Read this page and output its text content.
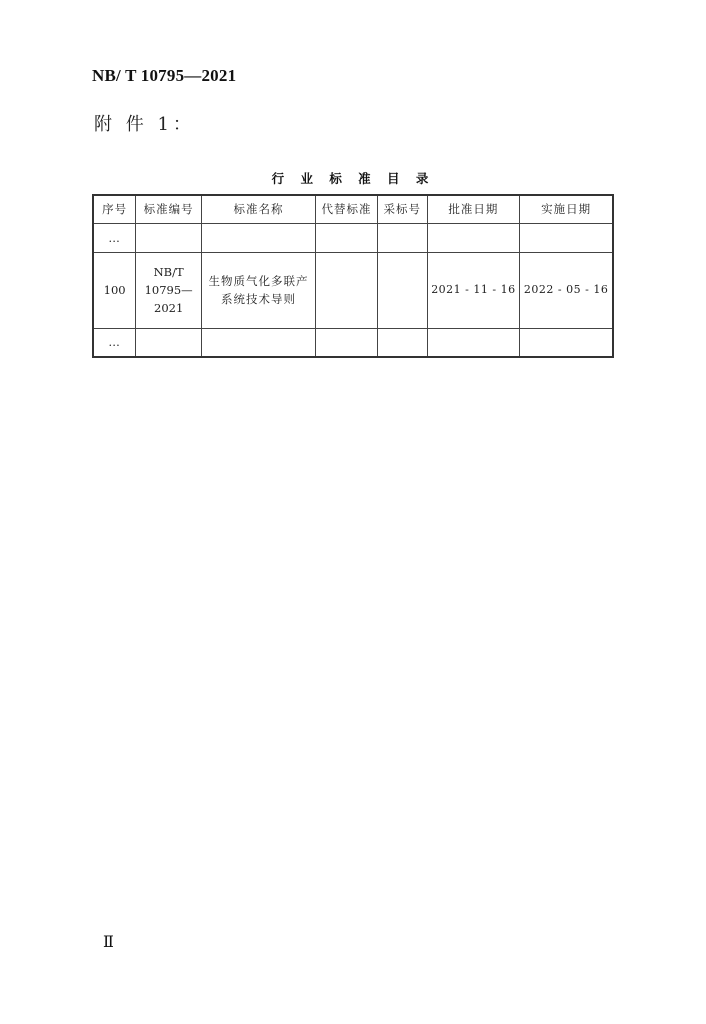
NB/ T 10795—2021
附 件 1：
行 业 标 准 目 录
序号	标准编号	标准名称	代替标准	采标号	批准日期	实施日期
…						
100	NB/T
10795—
2021	生物质气化多联产
系统技术导则			2021 - 11 - 16	2022 - 05 - 16
…						
Ⅱ
